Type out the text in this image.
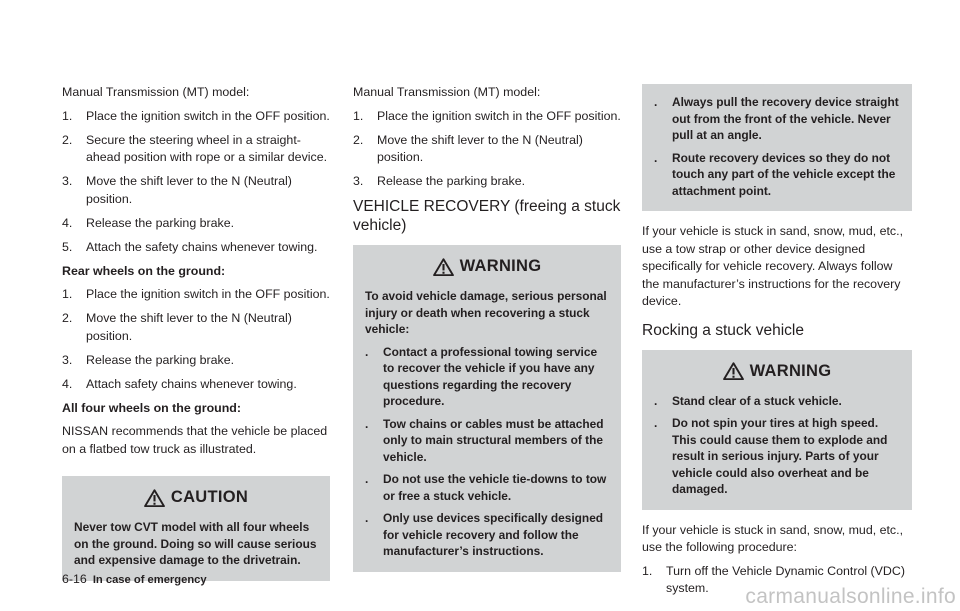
Manual Transmission (MT) model:

1.	Place the ignition switch in the OFF position.
2.	Secure the steering wheel in a straight-ahead position with rope or a similar device.
3.	Move the shift lever to the N (Neutral) position.
4.	Release the parking brake.
5.	Attach the safety chains whenever towing.
Rear wheels on the ground:
1.	Place the ignition switch in the OFF position.
2.	Move the shift lever to the N (Neutral) position.
3.	Release the parking brake.
4.	Attach safety chains whenever towing.
All four wheels on the ground:

NISSAN recommends that the vehicle be placed on a flatbed tow truck as illustrated.

CAUTION

Never tow CVT model with all four wheels on the ground. Doing so will cause serious and expensive damage to the drivetrain.

Manual Transmission (MT) model:

1.	Place the ignition switch in the OFF position.
2.	Move the shift lever to the N (Neutral) position.
3.	Release the parking brake.
VEHICLE RECOVERY (freeing a stuck vehicle)
WARNING

To avoid vehicle damage, serious personal injury or death when recovering a stuck vehicle:

.	Contact a professional towing service to recover the vehicle if you have any questions regarding the recovery procedure.
.	Tow chains or cables must be attached only to main structural members of the vehicle.
.	Do not use the vehicle tie-downs to tow or free a stuck vehicle.
.	Only use devices specifically designed for vehicle recovery and follow the manufacturer’s instructions.
.	Always pull the recovery device straight out from the front of the vehicle. Never pull at an angle.
.	Route recovery devices so they do not touch any part of the vehicle except the attachment point.

If your vehicle is stuck in sand, snow, mud, etc., use a tow strap or other device designed specifically for vehicle recovery. Always follow the manufacturer’s instructions for the recovery device.

Rocking a stuck vehicle
WARNING
.	Stand clear of a stuck vehicle.
.	Do not spin your tires at high speed. This could cause them to explode and result in serious injury. Parts of your vehicle could also overheat and be damaged.

If your vehicle is stuck in sand, snow, mud, etc., use the following procedure:

1.	Turn off the Vehicle Dynamic Control (VDC) system.
6-16 In case of emergency
carmanualsonline.info
